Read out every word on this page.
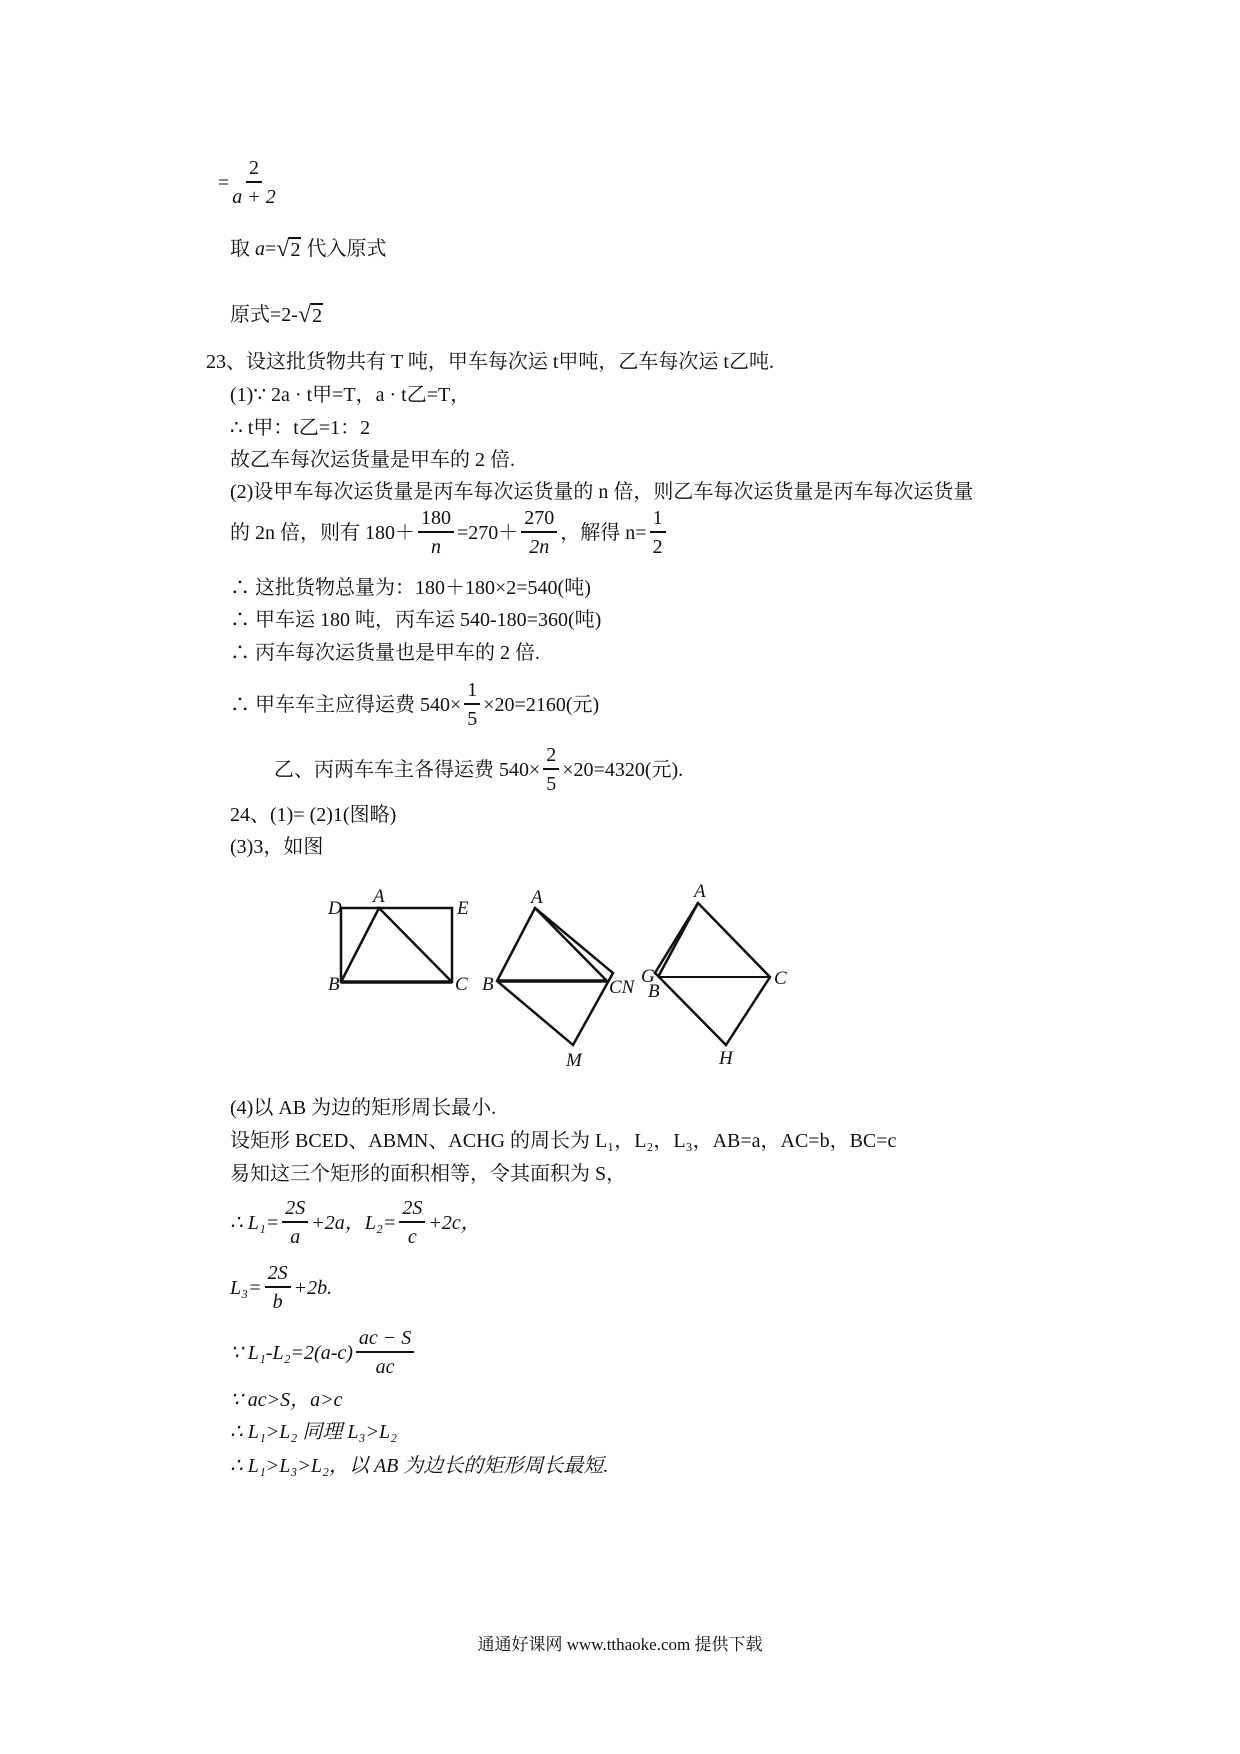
= $\frac{2}{a + 2}$
取
a = √ 2
代入原式
原式=2- √ 2
23、设这批货物共有 T 吨，甲车每次运 t甲吨，乙车每次运 t乙吨.
(1)∵ 2a · t甲=T，a · t乙=T，
∴ t甲：t乙=1：2
故乙车每次运货量是甲车的 2 倍.
(2)设甲车每次运货量是丙车每次运货量的 n 倍，则乙车每次运货量是丙车每次运货量
的 2n 倍，则有 $180+ \frac{180}{n} =270+ \frac{270}{2n}$ ，解得 $n= \frac{1}{2}$
∴ 这批货物总量为：180＋180×2=540(吨)
∴ 甲车运 180 吨，丙车运 540-180=360(吨)
∴ 丙车每次运货量也是甲车的 2 倍.
∴ 甲车车主应得运费 $540\times \frac{1}{5} \times 20=2160$(元)
乙、丙两车车主各得运费 $540\times \frac{2}{5} \times 20=4320$(元).
24、(1)= (2)1(图略)
(3)3，如图
D
A
E
B	C
A
B	CN
M
A
G
B
C
H
(4)以 AB 为边的矩形周长最小.
设矩形 BCED、ABMN、ACHG 的周长为 L₁，L₂，L₃，AB=a，AC=b，BC=c
易知这三个矩形的面积相等，令其面积为 S，
∴ $L_1= \frac{2S}{a} +2a$，$L_2= \frac{2S}{c} +2c$，
$L_3= \frac{2S}{b} +2b$.
∵ $L_1-L_2=2(a-c) \frac{ac - S}{ac}$
∵ ac>S，a>c
∴ L₁>L₂ 同理 L₃>L₂
∴ L₁>L₃>L₂，以 AB 为边长的矩形周长最短.
通通好课网 www.tthaoke.com 提供下载
